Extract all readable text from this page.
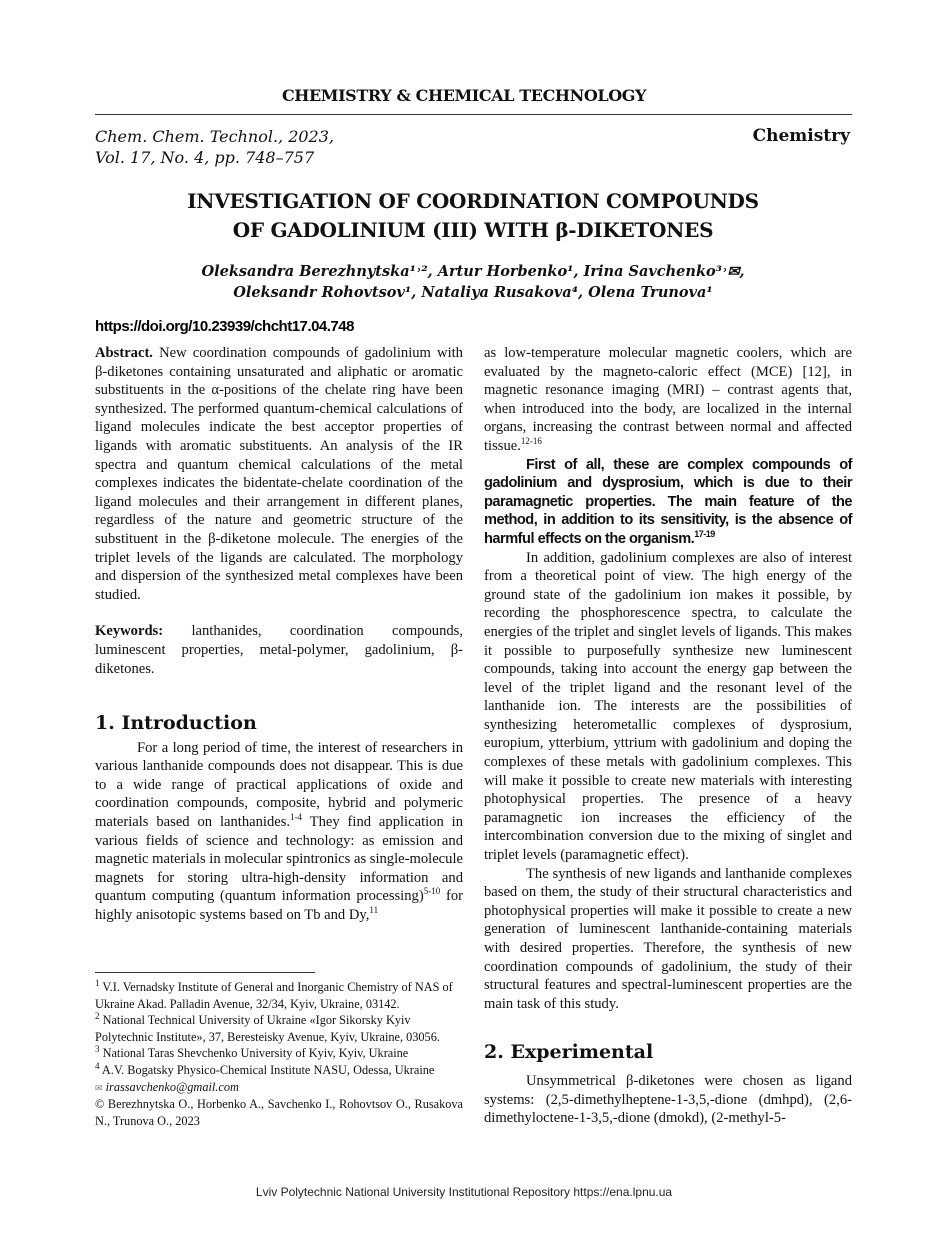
CHEMISTRY & CHEMICAL TECHNOLOGY
Chem. Chem. Technol., 2023,
Vol. 17, No. 4, pp. 748–757
Chemistry
INVESTIGATION OF COORDINATION COMPOUNDS
OF GADOLINIUM (III) WITH β-DIKETONES
Oleksandra Berezhnytska¹˒², Artur Horbenko¹, Irina Savchenko³˒✉,
Oleksandr Rohovtsov¹, Nataliya Rusakova⁴, Olena Trunova¹
https://doi.org/10.23939/chcht17.04.748

Abstract. New coordination compounds of gadolinium with β-diketones containing unsaturated and aliphatic or aromatic substituents in the α-positions of the chelate ring have been synthesized. The performed quantum-chemical calculations of ligand molecules indicate the best acceptor properties of ligands with aromatic substituents. An analysis of the IR spectra and quantum chemical calculations of the metal complexes indicates the bidentate-chelate coordination of the ligand molecules and their arrangement in different planes, regardless of the nature and geometric structure of the substituent in the β-diketone molecule. The energies of the triplet levels of the ligands are calculated. The morphology and dispersion of the synthesized metal complexes have been studied.

Keywords: lanthanides, coordination compounds, luminescent properties, metal-polymer, gadolinium, β-diketones.

1. Introduction

For a long period of time, the interest of researchers in various lanthanide compounds does not disappear. This is due to a wide range of practical applications of oxide and coordination compounds, composite, hybrid and polymeric materials based on lanthanides.$^{1-4}$ They find application in various fields of science and technology: as emission and magnetic materials in molecular spintronics as single-molecule magnets for storing ultra-high-density information and quantum computing (quantum information processing)$^{5-10}$ for highly anisotopic systems based on Tb and Dy,$^{11}$

as low-temperature molecular magnetic coolers, which are evaluated by the magneto-caloric effect (MCE) [12], in magnetic resonance imaging (MRI) – contrast agents that, when introduced into the body, are localized in the internal organs, increasing the contrast between normal and affected tissue.$^{12-16}$

First of all, these are complex compounds of gadolinium and dysprosium, which is due to their paramagnetic properties. The main feature of the method, in addition to its sensitivity, is the absence of harmful effects on the organism.$^{17-19}$

In addition, gadolinium complexes are also of interest from a theoretical point of view. The high energy of the ground state of the gadolinium ion makes it possible, by recording the phosphorescence spectra, to calculate the energies of the triplet and singlet levels of ligands. This makes it possible to purposefully synthesize new luminescent compounds, taking into account the energy gap between the level of the triplet ligand and the resonant level of the lanthanide ion. The interests are the possibilities of synthesizing heterometallic complexes of dysprosium, europium, ytterbium, yttrium with gadolinium and doping the complexes of these metals with gadolinium complexes. This will make it possible to create new materials with interesting photophysical properties. The presence of a heavy paramagnetic ion increases the efficiency of the intercombination conversion due to the mixing of singlet and triplet levels (paramagnetic effect).

The synthesis of new ligands and lanthanide complexes based on them, the study of their structural characteristics and photophysical properties will make it possible to create a new generation of luminescent lanthanide-containing materials with desired properties. Therefore, the synthesis of new coordination compounds of gadolinium, the study of their structural features and spectral-luminescent properties are the main task of this study.

2. Experimental

Unsymmetrical β-diketones were chosen as ligand systems: (2,5-dimethylheptene-1-3,5,-dione (dmhpd), (2,6-dimethyloctene-1-3,5,-dione (dmokd), (2-methyl-5-

$^1$ V.I. Vernadsky Institute of General and Inorganic Chemistry of NAS of Ukraine Akad. Palladin Avenue, 32/34, Kyiv, Ukraine, 03142.
$^2$ National Technical University of Ukraine «Igor Sikorsky Kyiv Polytechnic Institute», 37, Beresteisky Avenue, Kyiv, Ukraine, 03056.
$^3$ National Taras Shevchenko University of Kyiv, Kyiv, Ukraine
$^4$ A.V. Bogatsky Physico-Chemical Institute NASU, Odessa, Ukraine
✉ irassavchenko@gmail.com
© Berezhnytska O., Horbenko A., Savchenko I., Rohovtsov O., Rusakova N., Trunova O., 2023
Lviv Polytechnic National University Institutional Repository https://ena.lpnu.ua
